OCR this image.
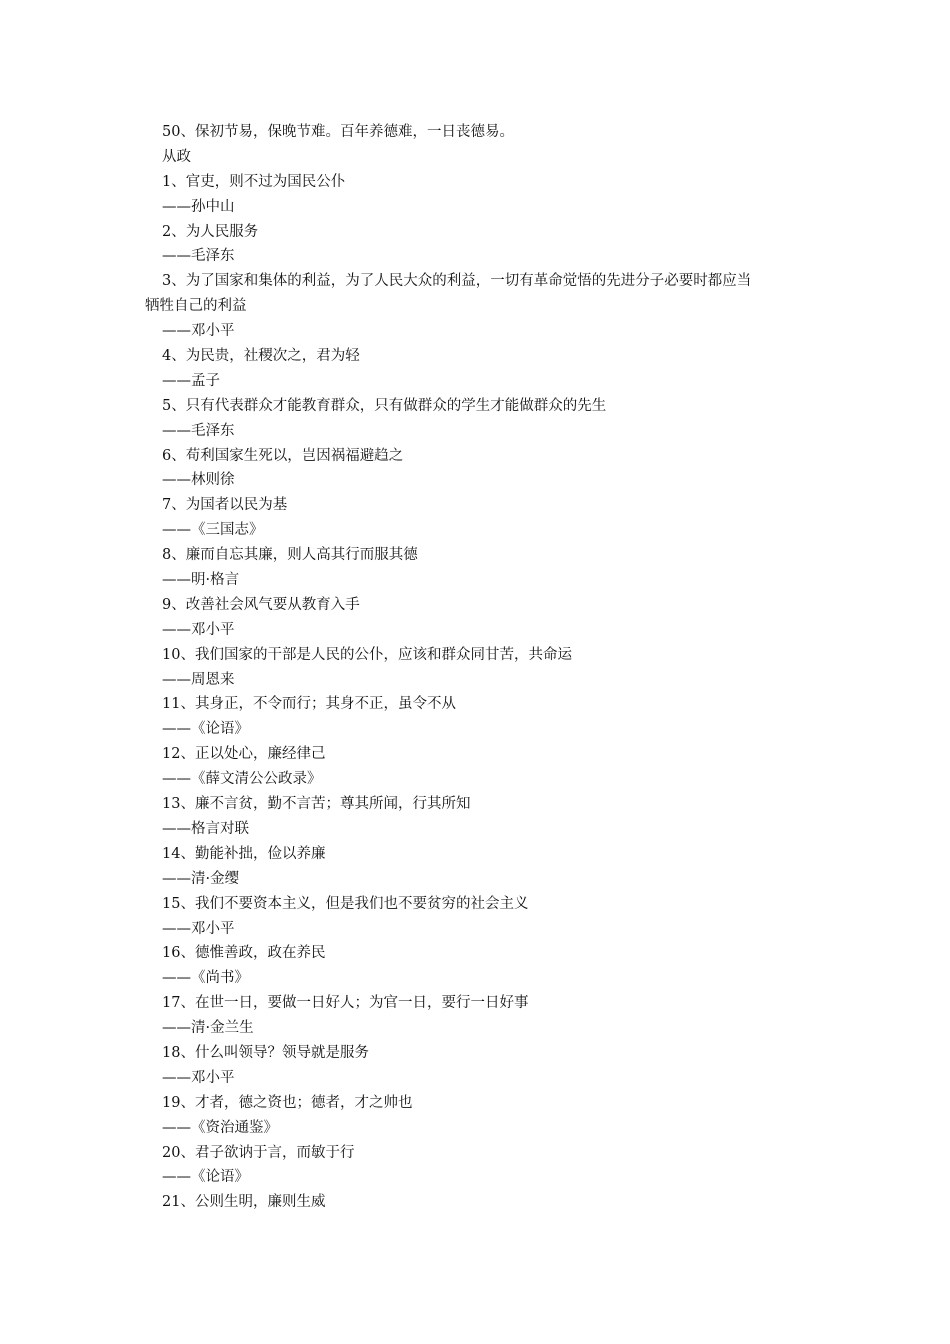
50、保初节易，保晚节难。百年养德难，一日丧德易。
从政
1、官吏，则不过为国民公仆
——孙中山
2、为人民服务
——毛泽东
3、为了国家和集体的利益，为了人民大众的利益，一切有革命觉悟的先进分子必要时都应当
牺牲自己的利益
——邓小平
4、为民贵，社稷次之，君为轻
——孟子
5、只有代表群众才能教育群众，只有做群众的学生才能做群众的先生
——毛泽东
6、苟利国家生死以，岂因祸福避趋之
——林则徐
7、为国者以民为基
——《三国志》
8、廉而自忘其廉，则人高其行而服其德
——明·格言
9、改善社会风气要从教育入手
——邓小平
10、我们国家的干部是人民的公仆，应该和群众同甘苦，共命运
——周恩来
11、其身正，不令而行；其身不正，虽令不从
——《论语》
12、正以处心，廉经律己
——《薛文清公公政录》
13、廉不言贫，勤不言苦；尊其所闻，行其所知
——格言对联
14、勤能补拙，俭以养廉
——清·金缨
15、我们不要资本主义，但是我们也不要贫穷的社会主义
——邓小平
16、德惟善政，政在养民
——《尚书》
17、在世一日，要做一日好人；为官一日，要行一日好事
——清·金兰生
18、什么叫领导？领导就是服务
——邓小平
19、才者，德之资也；德者，才之帅也
——《资治通鉴》
20、君子欲讷于言，而敏于行
——《论语》
21、公则生明，廉则生威
